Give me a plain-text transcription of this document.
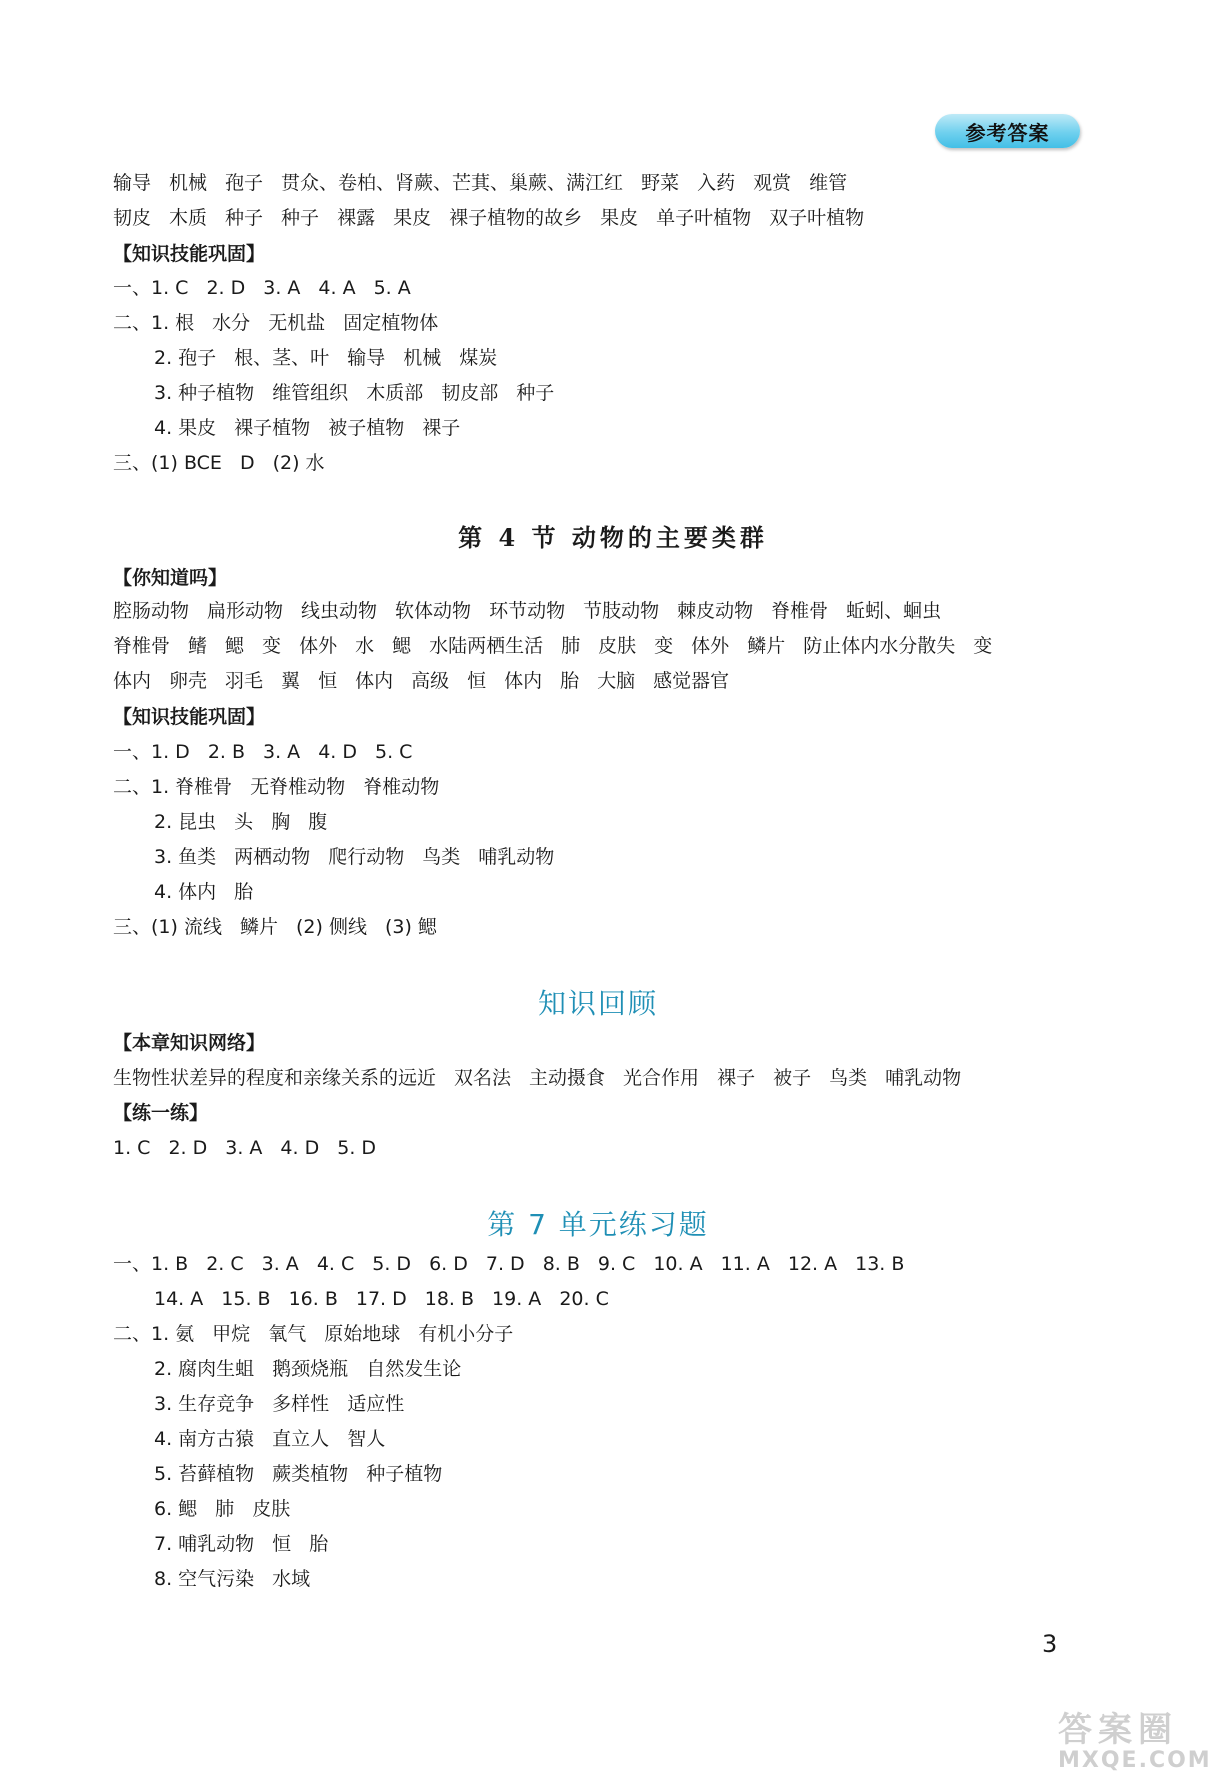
参考答案
输导 机械 孢子 贯众、卷柏、肾蕨、芒萁、巢蕨、满江红 野菜 入药 观赏 维管
韧皮 木质 种子 种子 裸露 果皮 裸子植物的故乡 果皮 单子叶植物 双子叶植物
【知识技能巩固】
一、1. C 2. D 3. A 4. A 5. A
二、1. 根 水分 无机盐 固定植物体
2. 孢子 根、茎、叶 输导 机械 煤炭
3. 种子植物 维管组织 木质部 韧皮部 种子
4. 果皮 裸子植物 被子植物 裸子
三、(1) BCE D (2) 水
【你知道吗】
腔肠动物 扁形动物 线虫动物 软体动物 环节动物 节肢动物 棘皮动物 脊椎骨 蚯蚓、蛔虫
脊椎骨 鳍 鳃 变 体外 水 鳃 水陆两栖生活 肺 皮肤 变 体外 鳞片 防止体内水分散失 变
体内 卵壳 羽毛 翼 恒 体内 高级 恒 体内 胎 大脑 感觉器官
【知识技能巩固】
一、1. D 2. B 3. A 4. D 5. C
二、1. 脊椎骨 无脊椎动物 脊椎动物
2. 昆虫 头 胸 腹
3. 鱼类 两栖动物 爬行动物 鸟类 哺乳动物
4. 体内 胎
三、(1) 流线 鳞片 (2) 侧线 (3) 鳃
【本章知识网络】
生物性状差异的程度和亲缘关系的远近 双名法 主动摄食 光合作用 裸子 被子 鸟类 哺乳动物
【练一练】
1. C 2. D 3. A 4. D 5. D
一、1. B 2. C 3. A 4. C 5. D 6. D 7. D 8. B 9. C 10. A 11. A 12. A 13. B
14. A 15. B 16. B 17. D 18. B 19. A 20. C
二、1. 氨 甲烷 氧气 原始地球 有机小分子
2. 腐肉生蛆 鹅颈烧瓶 自然发生论
3. 生存竞争 多样性 适应性
4. 南方古猿 直立人 智人
5. 苔藓植物 蕨类植物 种子植物
6. 鳃 肺 皮肤
7. 哺乳动物 恒 胎
8. 空气污染 水域
第 4 节 动物的主要类群
知识回顾
第 7 单元练习题
3
答案圈
MXQE.COM
